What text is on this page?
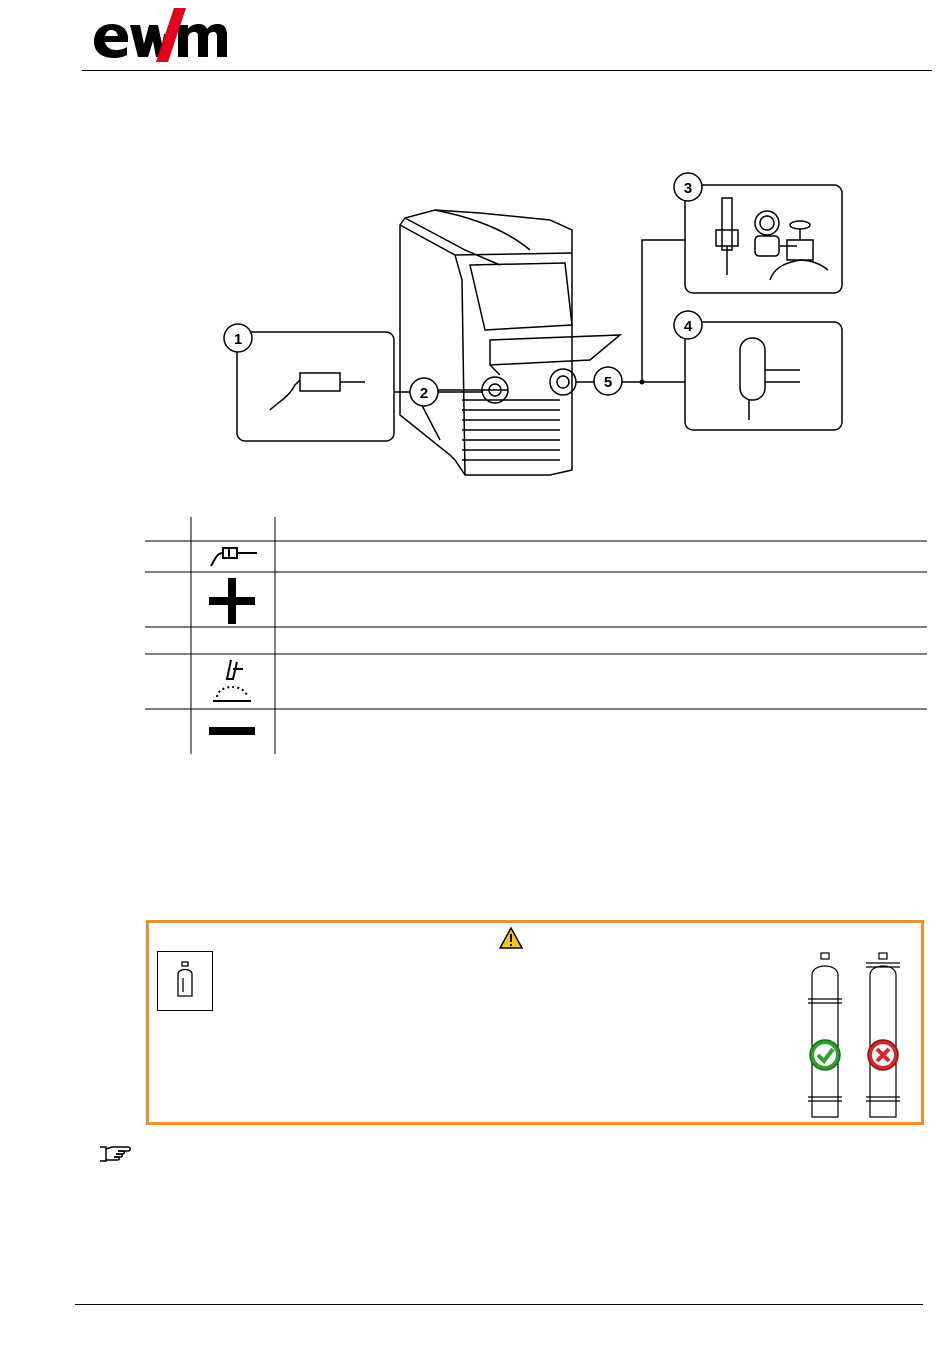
1
2
3
4
5
